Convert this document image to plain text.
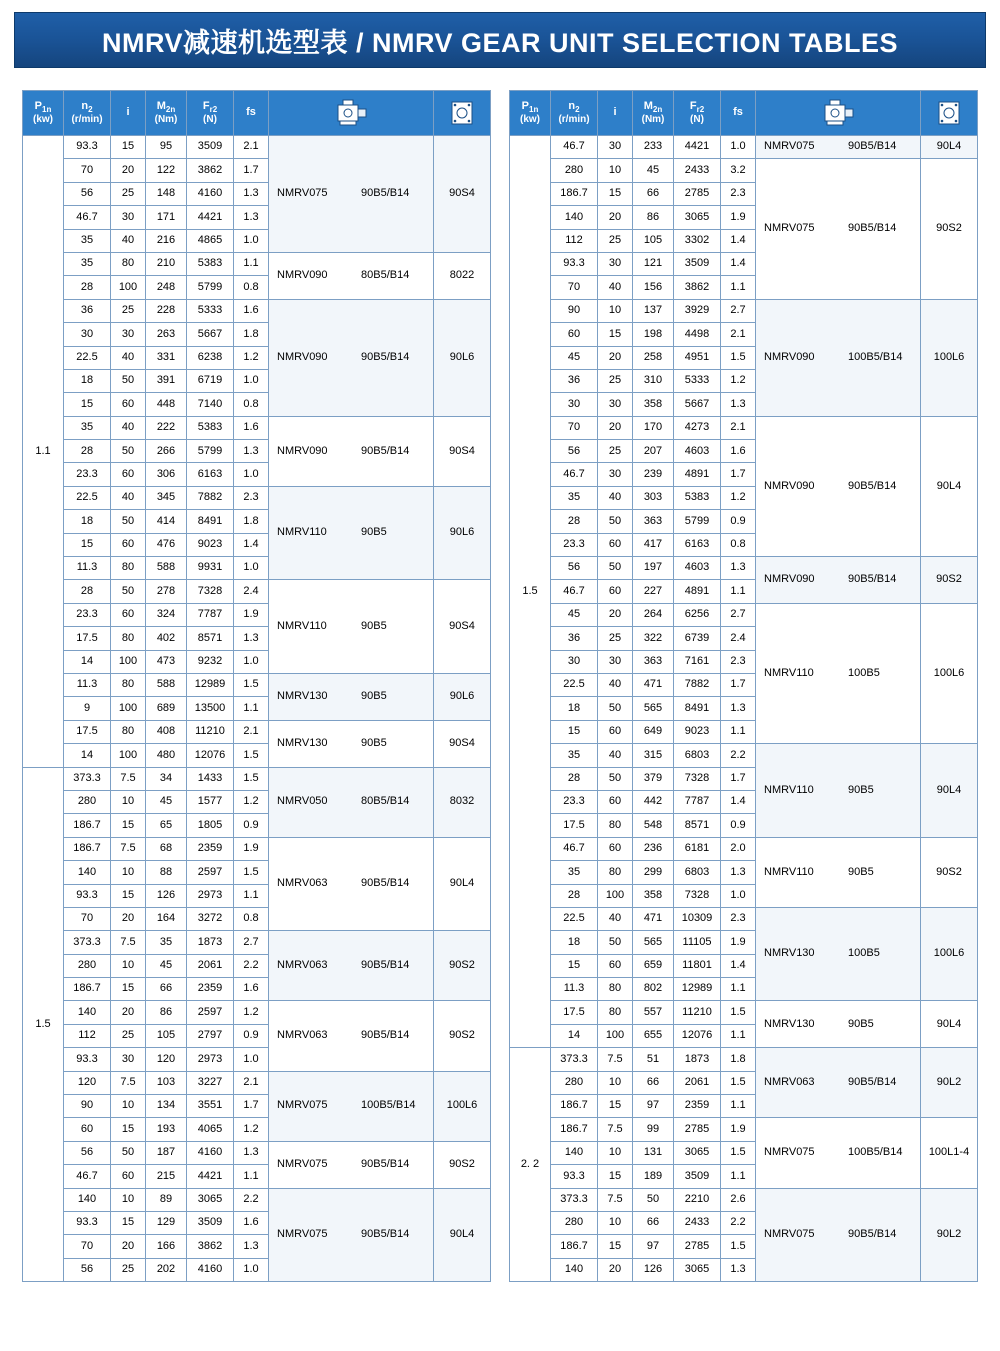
NMRV减速机选型表 / NMRV GEAR UNIT SELECTION TABLES
$P_{1n}$
(kw)	$n_2$
(r/min)	i	$M_{2n}$
(Nm)	$F_{r2}$
(N)	fs	

1.1	93.3	15	95	3509	2.1	NMRV075 90B5/B14	90S4
	70	20	122	3862	1.7		
	56	25	148	4160	1.3		
	46.7	30	171	4421	1.3		
	35	40	216	4865	1.0		
	35	80	210	5383	1.1	NMRV090 80B5/B14	8022
	28	100	248	5799	0.8		
	36	25	228	5333	1.6	NMRV090 90B5/B14	90L6
	30	30	263	5667	1.8		
	22.5	40	331	6238	1.2		
	18	50	391	6719	1.0		
	15	60	448	7140	0.8		
	35	40	222	5383	1.6	NMRV090 90B5/B14	90S4
	28	50	266	5799	1.3		
	23.3	60	306	6163	1.0		
	22.5	40	345	7882	2.3	NMRV110 90B5	90L6
	18	50	414	8491	1.8		
	15	60	476	9023	1.4		
	11.3	80	588	9931	1.0		
	28	50	278	7328	2.4	NMRV110 90B5	90S4
	23.3	60	324	7787	1.9		
	17.5	80	402	8571	1.3		
	14	100	473	9232	1.0		
	11.3	80	588	12989	1.5	NMRV130 90B5	90L6
	9	100	689	13500	1.1		
	17.5	80	408	11210	2.1	NMRV130 90B5	90S4
	14	100	480	12076	1.5		
1.5	373.3	7.5	34	1433	1.5	NMRV050 80B5/B14	8032
	280	10	45	1577	1.2		
	186.7	15	65	1805	0.9		
	186.7	7.5	68	2359	1.9	NMRV063 90B5/B14	90L4
	140	10	88	2597	1.5		
	93.3	15	126	2973	1.1		
	70	20	164	3272	0.8		
	373.3	7.5	35	1873	2.7	NMRV063 90B5/B14	90S2
	280	10	45	2061	2.2		
	186.7	15	66	2359	1.6		
	140	20	86	2597	1.2	NMRV063 90B5/B14	90S2
	112	25	105	2797	0.9		
	93.3	30	120	2973	1.0		
	120	7.5	103	3227	2.1	NMRV075 100B5/B14	100L6
	90	10	134	3551	1.7		
	60	15	193	4065	1.2		
	56	50	187	4160	1.3	NMRV075 90B5/B14	90S2
	46.7	60	215	4421	1.1		
	140	10	89	3065	2.2	NMRV075 90B5/B14	90L4
	93.3	15	129	3509	1.6		
	70	20	166	3862	1.3		
	56	25	202	4160	1.0		
$P_{1n}$
(kw)	$n_2$
(r/min)	i	$M_{2n}$
(Nm)	$F_{r2}$
(N)	fs	

1.5	46.7	30	233	4421	1.0	NMRV075 90B5/B14	90L4
	280	10	45	2433	3.2	NMRV075 90B5/B14	90S2
	186.7	15	66	2785	2.3		
	140	20	86	3065	1.9		
	112	25	105	3302	1.4		
	93.3	30	121	3509	1.4		
	70	40	156	3862	1.1		
	90	10	137	3929	2.7	NMRV090 100B5/B14	100L6
	60	15	198	4498	2.1		
	45	20	258	4951	1.5		
	36	25	310	5333	1.2		
	30	30	358	5667	1.3		
	70	20	170	4273	2.1	NMRV090 90B5/B14	90L4
	56	25	207	4603	1.6		
	46.7	30	239	4891	1.7		
	35	40	303	5383	1.2		
	28	50	363	5799	0.9		
	23.3	60	417	6163	0.8		
	56	50	197	4603	1.3	NMRV090 90B5/B14	90S2
	46.7	60	227	4891	1.1		
	45	20	264	6256	2.7	NMRV110 100B5	100L6
	36	25	322	6739	2.4		
	30	30	363	7161	2.3		
	22.5	40	471	7882	1.7		
	18	50	565	8491	1.3		
	15	60	649	9023	1.1		
	35	40	315	6803	2.2	NMRV110 90B5	90L4
	28	50	379	7328	1.7		
	23.3	60	442	7787	1.4		
	17.5	80	548	8571	0.9		
	46.7	60	236	6181	2.0	NMRV110 90B5	90S2
	35	80	299	6803	1.3		
	28	100	358	7328	1.0		
	22.5	40	471	10309	2.3	NMRV130 100B5	100L6
	18	50	565	11105	1.9		
	15	60	659	11801	1.4		
	11.3	80	802	12989	1.1		
	17.5	80	557	11210	1.5	NMRV130 90B5	90L4
	14	100	655	12076	1.1		
2. 2	373.3	7.5	51	1873	1.8	NMRV063 90B5/B14	90L2
	280	10	66	2061	1.5		
	186.7	15	97	2359	1.1		
	186.7	7.5	99	2785	1.9	NMRV075 100B5/B14	100L1-4
	140	10	131	3065	1.5		
	93.3	15	189	3509	1.1		
	373.3	7.5	50	2210	2.6	NMRV075 90B5/B14	90L2
	280	10	66	2433	2.2		
	186.7	15	97	2785	1.5		
	140	20	126	3065	1.3		
